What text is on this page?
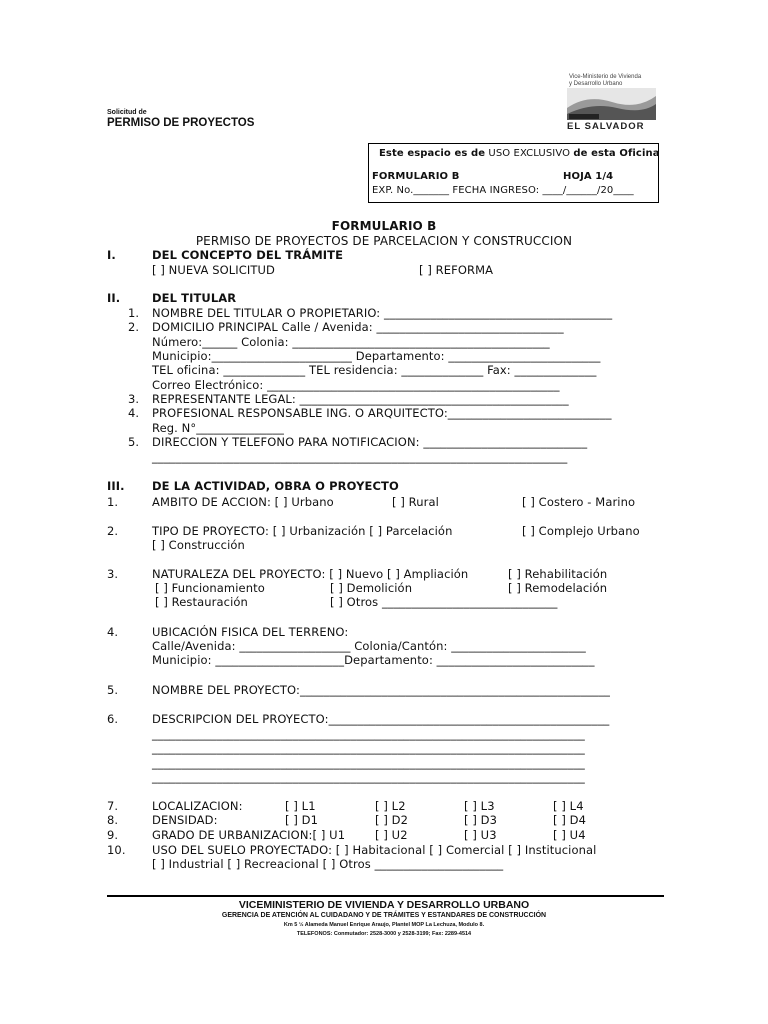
Solicitud de
PERMISO DE PROYECTOS
Vice-Ministerio de Vivienda
y Desarrollo Urbano
EL SALVADOR
Este espacio es de USO EXCLUSIVO de esta Oficina
FORMULARIO B	HOJA 1/4
EXP. No._______ FECHA INGRESO: ____/______/20____
FORMULARIO B
PERMISO DE PROYECTOS DE PARCELACION Y CONSTRUCCION
I.	DEL CONCEPTO DEL TRÁMITE
[ ] NUEVA SOLICITUD	[ ] REFORMA
II.	DEL TITULAR
1. NOMBRE DEL TITULAR O PROPIETARIO: _______________________________________
2. DOMICILIO PRINCIPAL Calle / Avenida: ________________________________
Número:______ Colonia: ____________________________________________
Municipio:________________________ Departamento: __________________________
TEL oficina: ______________ TEL residencia: ______________ Fax: ______________
Correo Electrónico: __________________________________________________
3. REPRESENTANTE LEGAL: ______________________________________________
4. PROFESIONAL RESPONSABLE ING. O ARQUITECTO:____________________________
Reg. N°_______________
5. DIRECCION Y TELEFONO PARA NOTIFICACION: ____________________________
_______________________________________________________________________
III. DE LA ACTIVIDAD, OBRA O PROYECTO
1.	AMBITO DE ACCION: [ ] Urbano	[ ] Rural	[ ] Costero - Marino
2.	TIPO DE PROYECTO: [ ] Urbanización [ ] Parcelación	[ ] Complejo Urbano
[ ] Construcción
3.	NATURALEZA DEL PROYECTO: [ ] Nuevo [ ] Ampliación	[ ] Rehabilitación
[ ] Funcionamiento	[ ] Demolición	[ ] Remodelación
[ ] Restauración	[ ] Otros ______________________________
4.	UBICACIÓN FISICA DEL TERRENO:
Calle/Avenida: ___________________ Colonia/Cantón: _______________________
Municipio: ______________________Departamento: ___________________________
5.	NOMBRE DEL PROYECTO:_____________________________________________________
6.	DESCRIPCION DEL PROYECTO:________________________________________________
__________________________________________________________________________
__________________________________________________________________________
__________________________________________________________________________
__________________________________________________________________________
7.	LOCALIZACION:	[ ] L1	[ ] L2	[ ] L3	[ ] L4
8.	DENSIDAD:	[ ] D1	[ ] D2	[ ] D3	[ ] D4
9.	GRADO DE URBANIZACION:[ ] U1	[ ] U2	[ ] U3	[ ] U4
10. USO DEL SUELO PROYECTADO: [ ] Habitacional [ ] Comercial [ ] Institucional
[ ] Industrial [ ] Recreacional [ ] Otros ______________________
VICEMINISTERIO DE VIVIENDA Y DESARROLLO URBANO
GERENCIA DE ATENCIÓN AL CUIDADANO Y DE TRÁMITES Y ESTANDARES DE CONSTRUCCIÓN
Km 5 ½ Alameda Manuel Enrique Araujo, Plantel MOP La Lechuza, Modulo 8.
TELEFONOS: Conmutador: 2528-3000 y 2528-3199; Fax: 2289-4514
